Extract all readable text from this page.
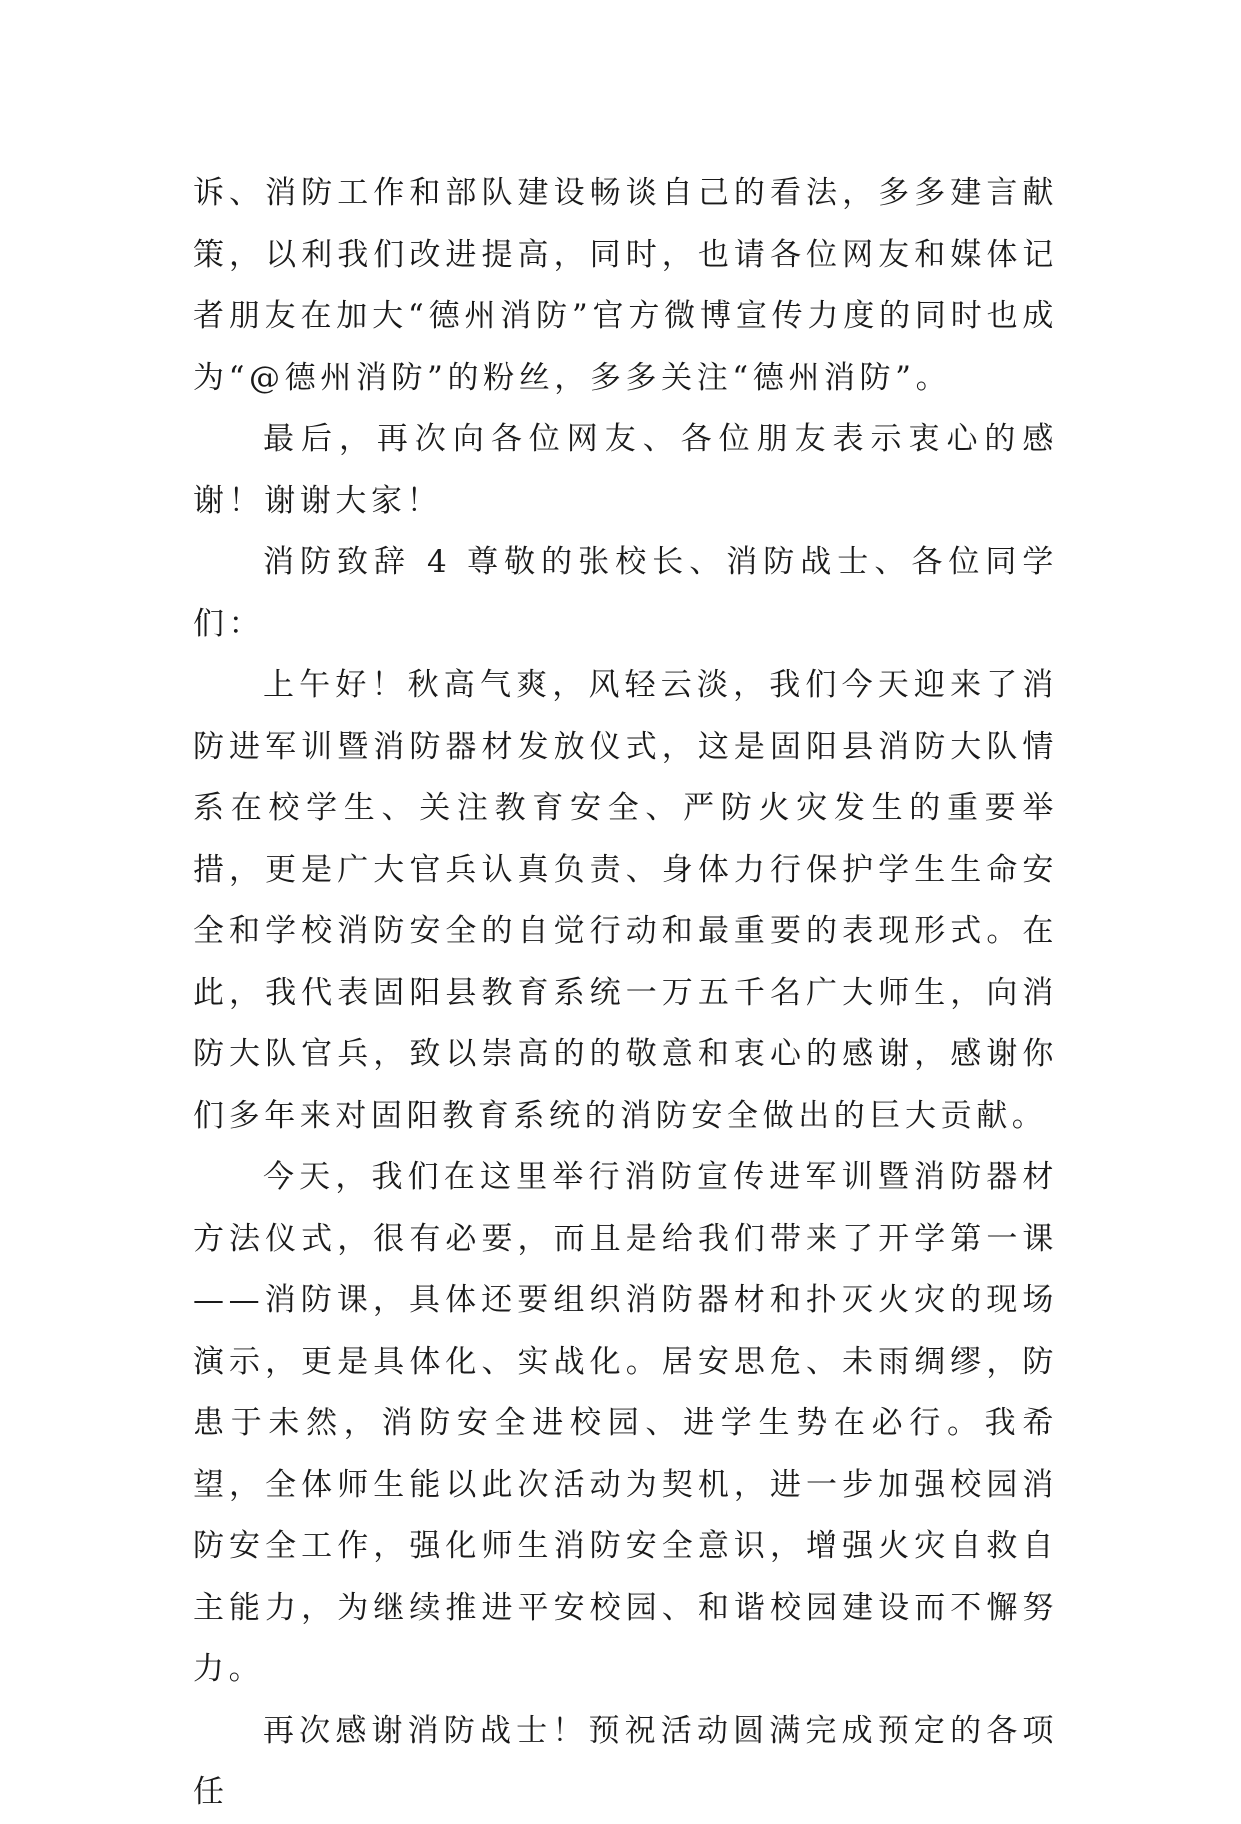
诉、消防工作和部队建设畅谈自己的看法，多多建言献策，以利我们改进提高，同时，也请各位网友和媒体记者朋友在加大“德州消防”官方微博宣传力度的同时也成为“@德州消防”的粉丝，多多关注“德州消防”。

最后，再次向各位网友、各位朋友表示衷心的感谢！谢谢大家！

消防致辞 4 尊敬的张校长、消防战士、各位同学们：

上午好！秋高气爽，风轻云淡，我们今天迎来了消防进军训暨消防器材发放仪式，这是固阳县消防大队情系在校学生、关注教育安全、严防火灾发生的重要举措，更是广大官兵认真负责、身体力行保护学生生命安全和学校消防安全的自觉行动和最重要的表现形式。在此，我代表固阳县教育系统一万五千名广大师生，向消防大队官兵，致以崇高的的敬意和衷心的感谢，感谢你们多年来对固阳教育系统的消防安全做出的巨大贡献。

今天，我们在这里举行消防宣传进军训暨消防器材方法仪式，很有必要，而且是给我们带来了开学第一课——消防课，具体还要组织消防器材和扑灭火灾的现场演示，更是具体化、实战化。居安思危、未雨绸缪，防患于未然，消防安全进校园、进学生势在必行。我希望，全体师生能以此次活动为契机，进一步加强校园消防安全工作，强化师生消防安全意识，增强火灾自救自主能力，为继续推进平安校园、和谐校园建设而不懈努力。

再次感谢消防战士！预祝活动圆满完成预定的各项任
